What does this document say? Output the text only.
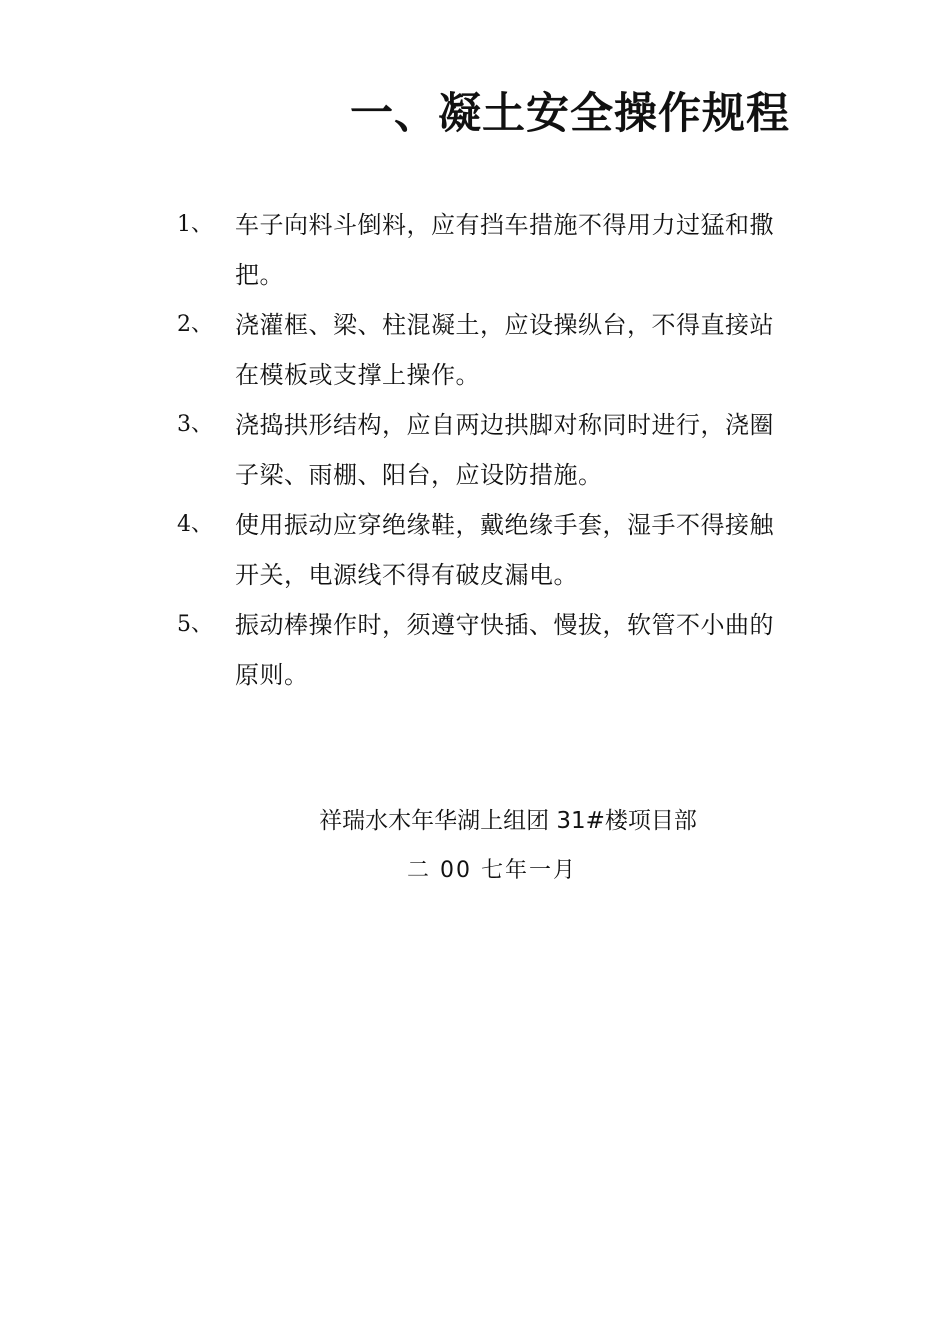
一、凝土安全操作规程
1、 车子向料斗倒料，应有挡车措施不得用力过猛和撒
把。
2、 浇灌框、梁、柱混凝土，应设操纵台，不得直接站
在模板或支撑上操作。
3、 浇捣拱形结构，应自两边拱脚对称同时进行，浇圈
子梁、雨棚、阳台，应设防措施。
4、 使用振动应穿绝缘鞋，戴绝缘手套，湿手不得接触
开关，电源线不得有破皮漏电。
5、 振动棒操作时，须遵守快插、慢拔，软管不小曲的
原则。
祥瑞水木年华湖上组团 31#楼项目部
二 00 七年一月
